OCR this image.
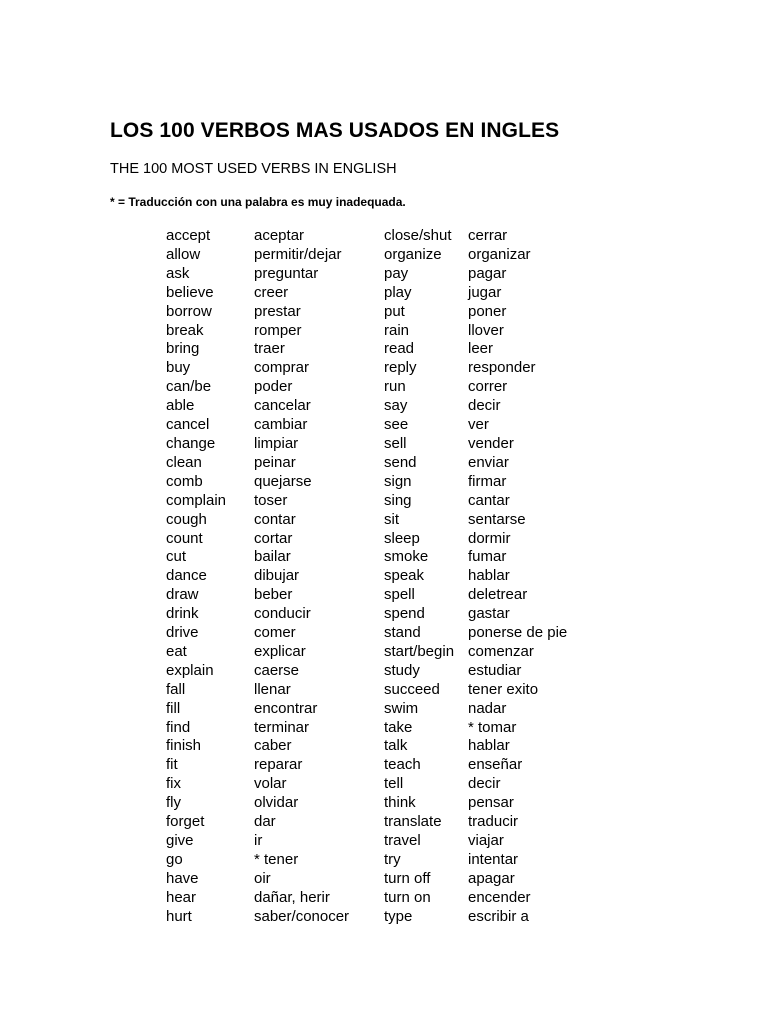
LOS 100 VERBOS MAS USADOS EN INGLES
THE 100 MOST USED VERBS IN ENGLISH

* = Traducción con una palabra es muy inadequada.

accept	aceptar	close/shut	cerrar
allow	permitir/dejar	organize	organizar
ask	preguntar	pay	pagar
believe	creer	play	jugar
borrow	prestar	put	poner
break	romper	rain	llover
bring	traer	read	leer
buy	comprar	reply	responder
can/be	poder	run	correr
able	cancelar	say	decir
cancel	cambiar	see	ver
change	limpiar	sell	vender
clean	peinar	send	enviar
comb	quejarse	sign	firmar
complain	toser	sing	cantar
cough	contar	sit	sentarse
count	cortar	sleep	dormir
cut	bailar	smoke	fumar
dance	dibujar	speak	hablar
draw	beber	spell	deletrear
drink	conducir	spend	gastar
drive	comer	stand	ponerse de pie
eat	explicar	start/begin	comenzar
explain	caerse	study	estudiar
fall	llenar	succeed	tener exito
fill	encontrar	swim	nadar
find	terminar	take	* tomar
finish	caber	talk	hablar
fit	reparar	teach	enseñar
fix	volar	tell	decir
fly	olvidar	think	pensar
forget	dar	translate	traducir
give	ir	travel	viajar
go	* tener	try	intentar
have	oir	turn off	apagar
hear	dañar, herir	turn on	encender
hurt	saber/conocer	type	escribir a
